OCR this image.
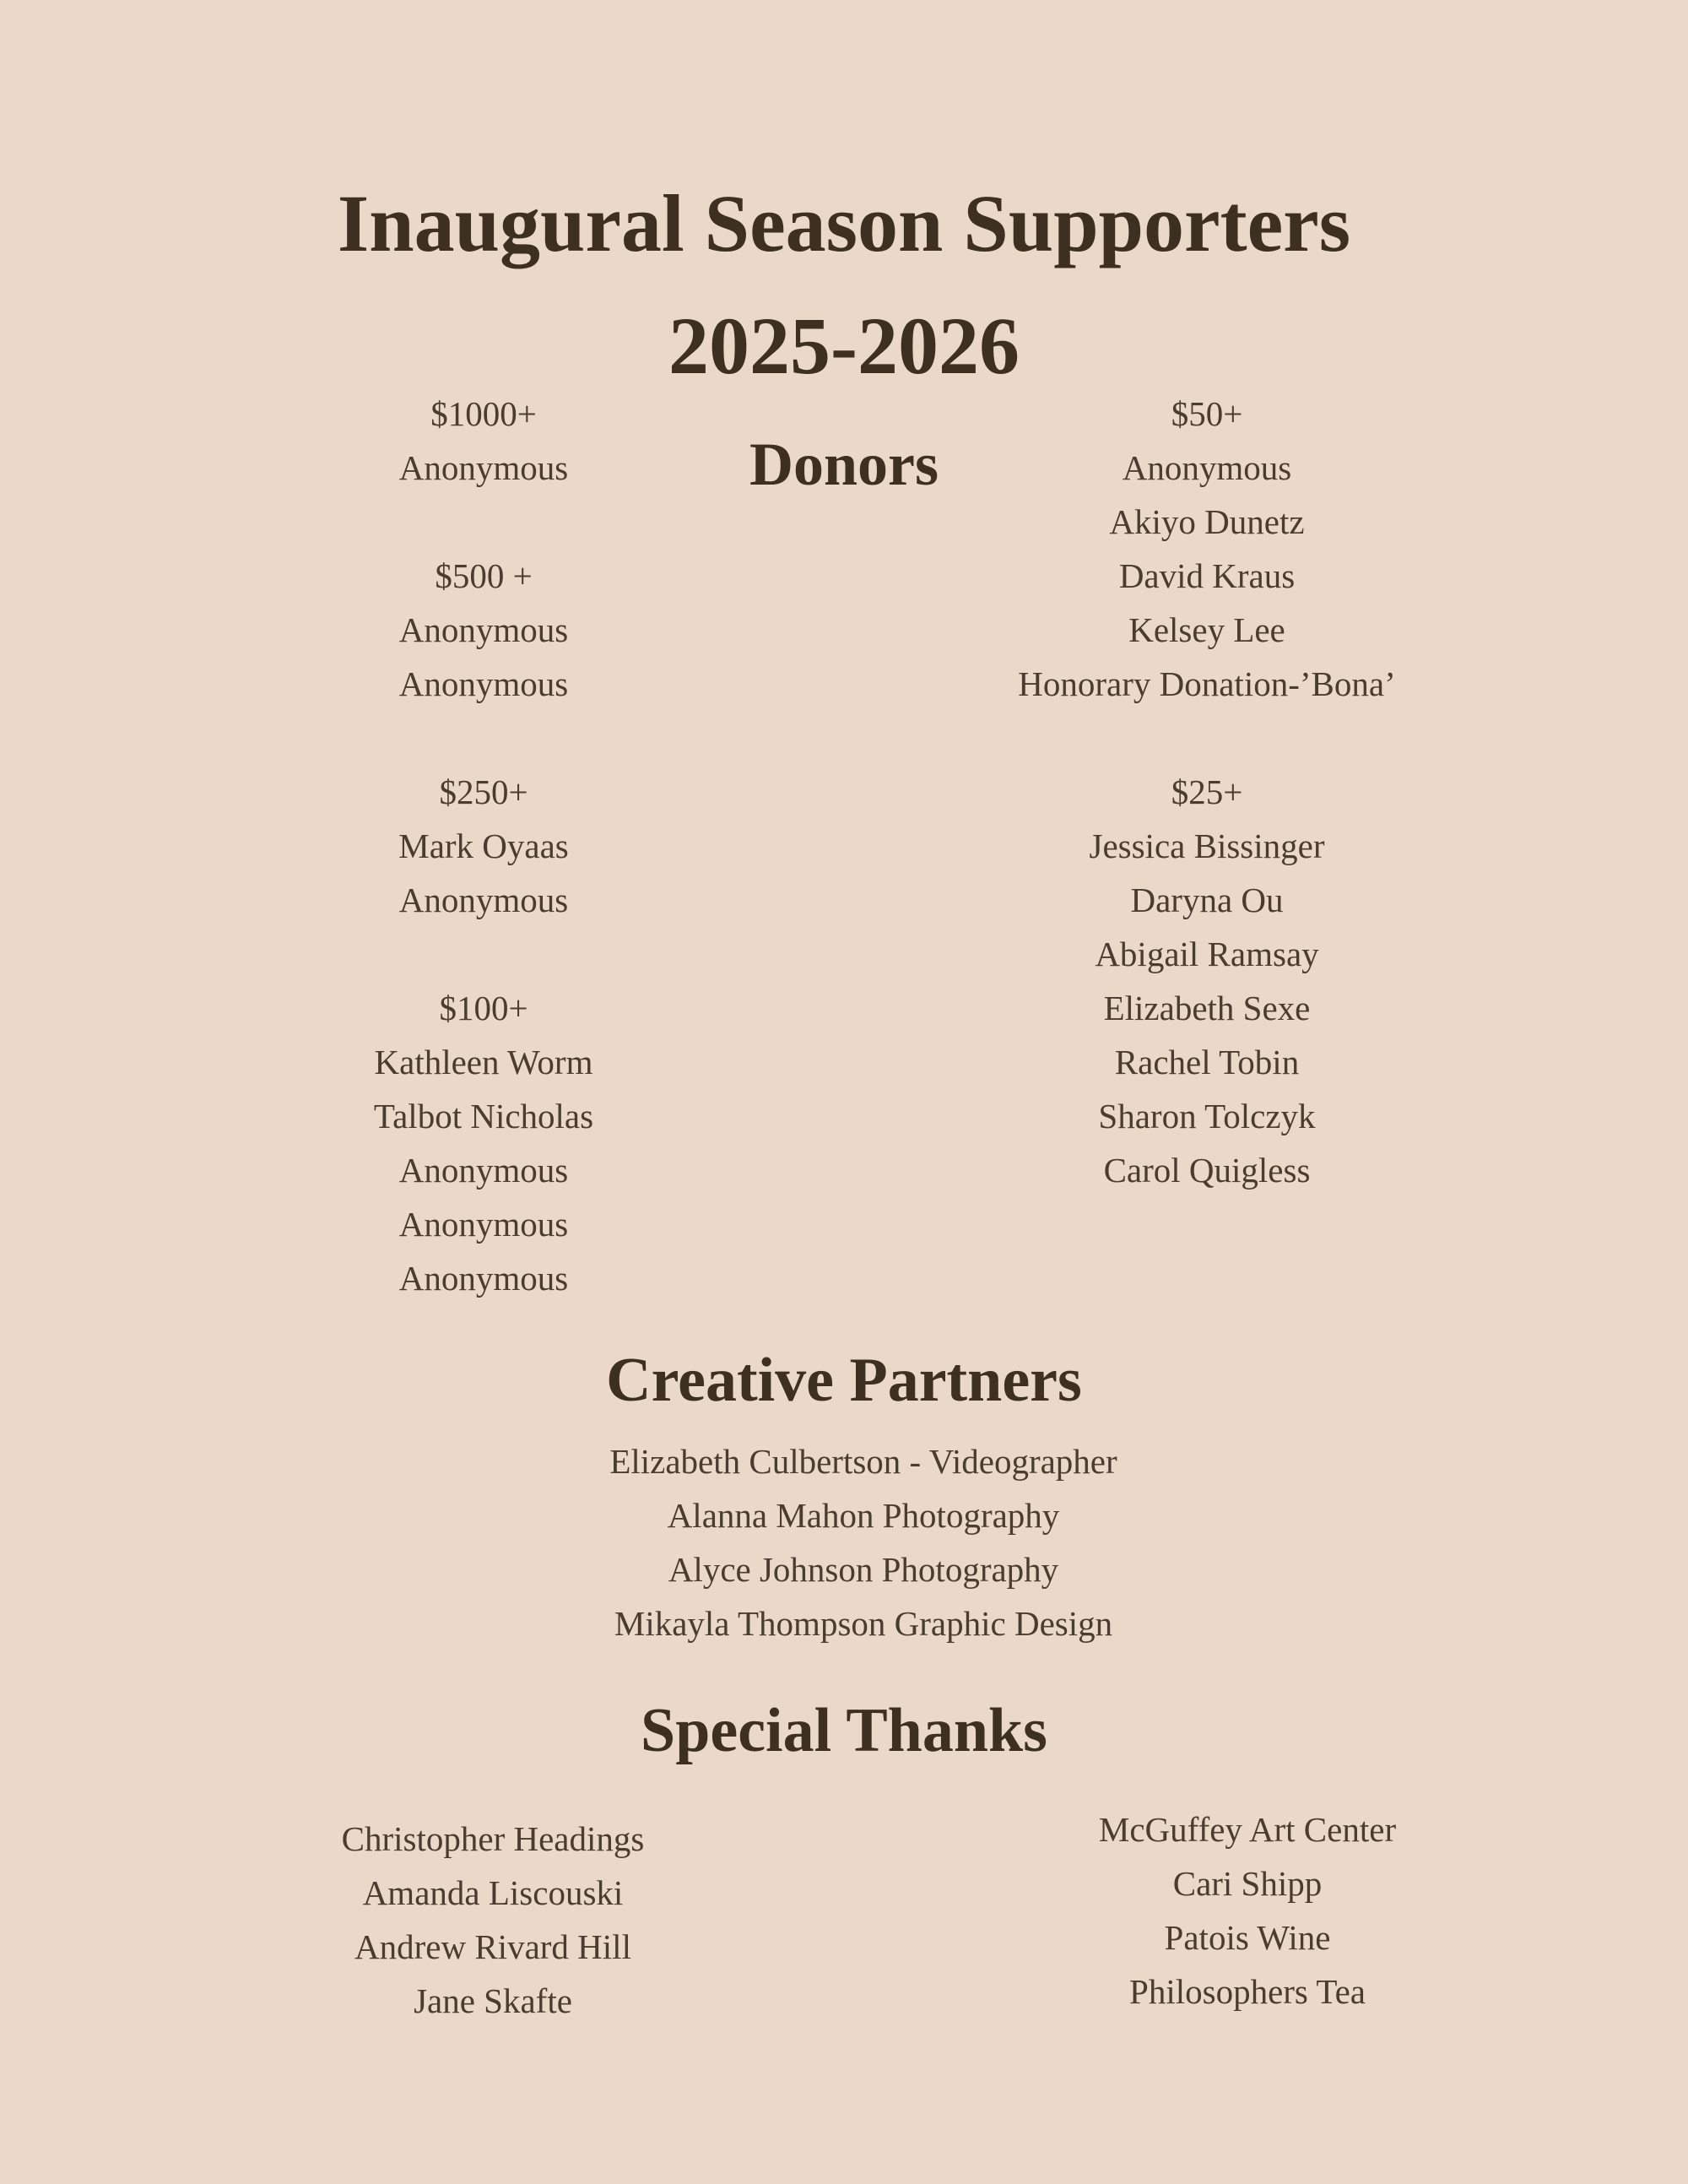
Inaugural Season Supporters
2025-2026
Donors
$1000+
Anonymous
$500 +
Anonymous
Anonymous
$250+
Mark Oyaas
Anonymous
$100+
Kathleen Worm
Talbot Nicholas
Anonymous
Anonymous
Anonymous
$50+
Anonymous
Akiyo Dunetz
David Kraus
Kelsey Lee
Honorary Donation-’Bona’
$25+
Jessica Bissinger
Daryna Ou
Abigail Ramsay
Elizabeth Sexe
Rachel Tobin
Sharon Tolczyk
Carol Quigless
Creative Partners
Elizabeth Culbertson - Videographer
Alanna Mahon Photography
Alyce Johnson Photography
Mikayla Thompson Graphic Design
Special Thanks
Christopher Headings
Amanda Liscouski
Andrew Rivard Hill
Jane Skafte
McGuffey Art Center
Cari Shipp
Patois Wine
Philosophers Tea
